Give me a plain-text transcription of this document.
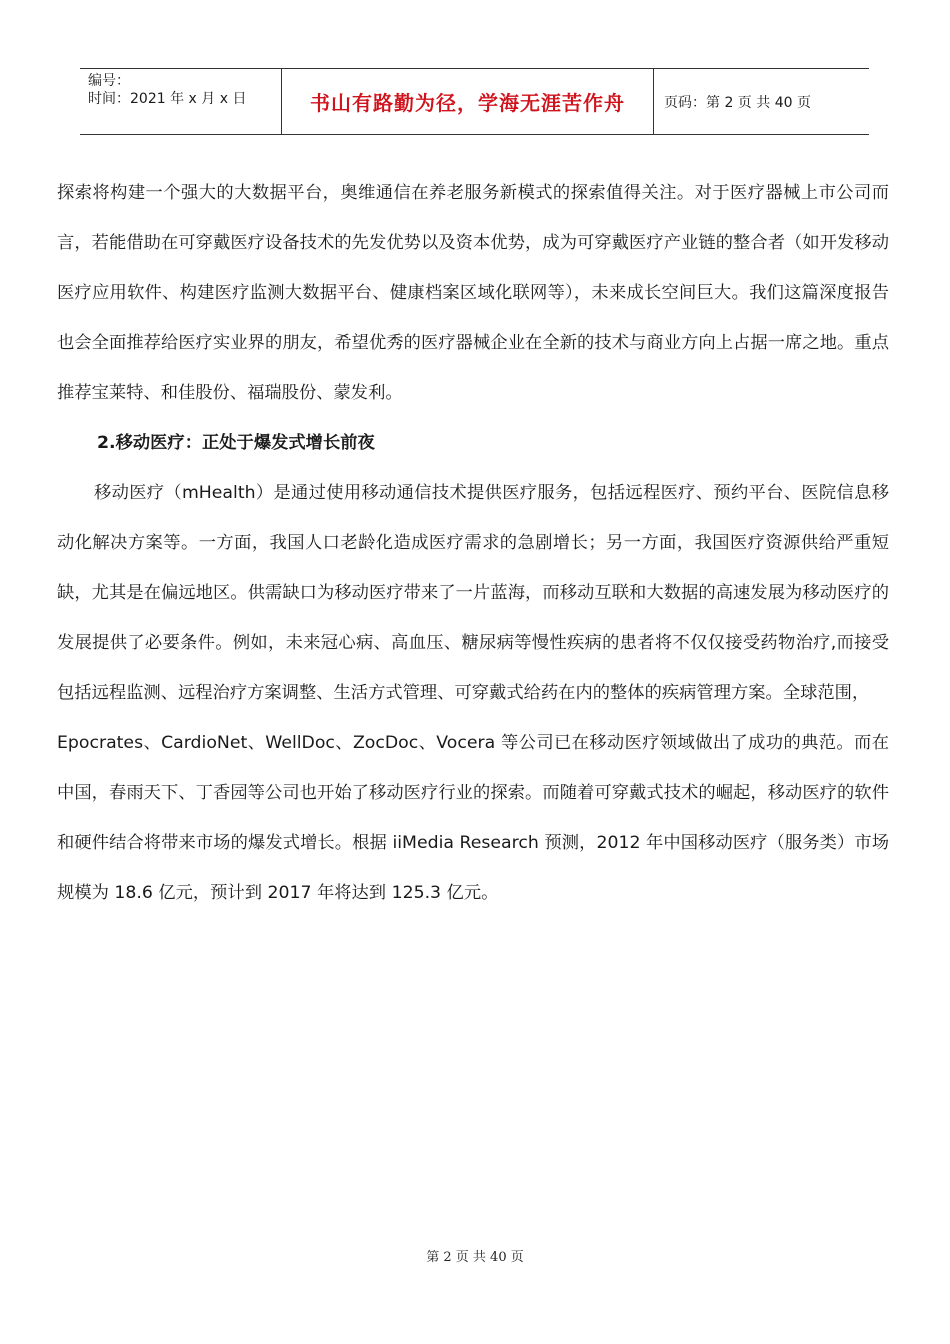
编号：
时间：2021 年 x 月 x 日	书山有路勤为径，学海无涯苦作舟	页码：第 2 页 共 40 页

探索将构建一个强大的大数据平台，奥维通信在养老服务新模式的探索值得关注。对于医疗器械上市公司而言，若能借助在可穿戴医疗设备技术的先发优势以及资本优势，成为可穿戴医疗产业链的整合者（如开发移动医疗应用软件、构建医疗监测大数据平台、健康档案区域化联网等），未来成长空间巨大。我们这篇深度报告也会全面推荐给医疗实业界的朋友，希望优秀的医疗器械企业在全新的技术与商业方向上占据一席之地。重点推荐宝莱特、和佳股份、福瑞股份、蒙发利。

2.移动医疗：正处于爆发式增长前夜

移动医疗（mHealth）是通过使用移动通信技术提供医疗服务，包括远程医疗、预约平台、医院信息移动化解决方案等。一方面，我国人口老龄化造成医疗需求的急剧增长；另一方面，我国医疗资源供给严重短缺，尤其是在偏远地区。供需缺口为移动医疗带来了一片蓝海，而移动互联和大数据的高速发展为移动医疗的发展提供了必要条件。例如，未来冠心病、高血压、糖尿病等慢性疾病的患者将不仅仅接受药物治疗,而接受包括远程监测、远程治疗方案调整、生活方式管理、可穿戴式给药在内的整体的疾病管理方案。全球范围，

Epocrates、CardioNet、WellDoc、ZocDoc、Vocera 等公司已在移动医疗领域做出了成功的典范。而在中国，春雨天下、丁香园等公司也开始了移动医疗行业的探索。而随着可穿戴式技术的崛起，移动医疗的软件和硬件结合将带来市场的爆发式增长。根据 iiMedia Research 预测，2012 年中国移动医疗（服务类）市场规模为 18.6 亿元，预计到 2017 年将达到 125.3 亿元。

第 2 页 共 40 页
